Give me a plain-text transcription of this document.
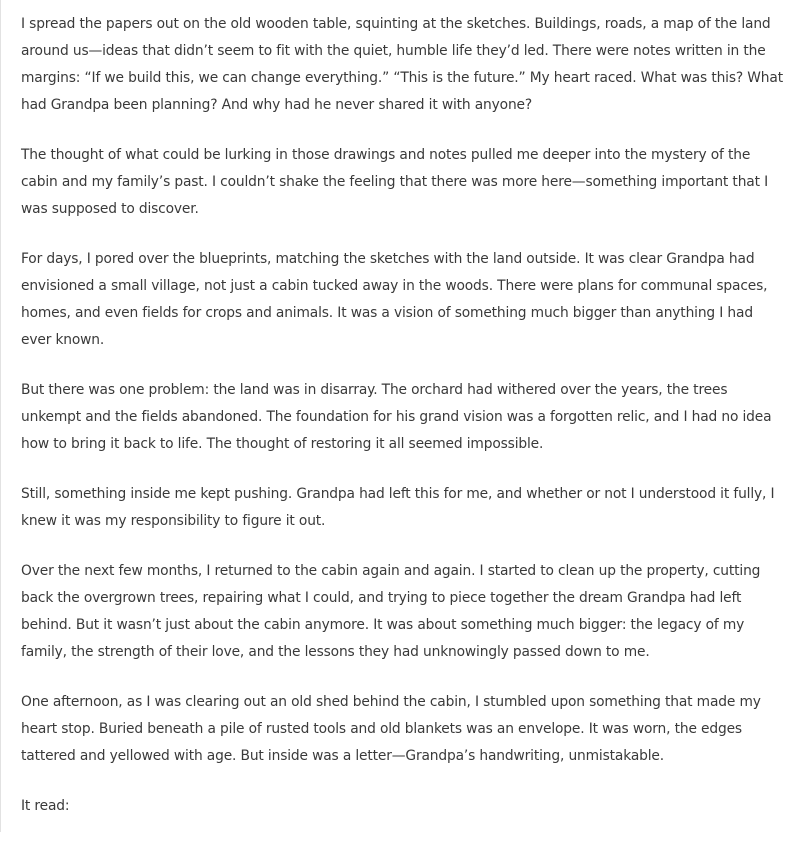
I spread the papers out on the old wooden table, squinting at the sketches. Buildings, roads, a map of the land around us—ideas that didn’t seem to fit with the quiet, humble life they’d led. There were notes written in the margins: “If we build this, we can change everything.” “This is the future.” My heart raced. What was this? What had Grandpa been planning? And why had he never shared it with anyone?

The thought of what could be lurking in those drawings and notes pulled me deeper into the mystery of the cabin and my family’s past. I couldn’t shake the feeling that there was more here—something important that I was supposed to discover.

For days, I pored over the blueprints, matching the sketches with the land outside. It was clear Grandpa had envisioned a small village, not just a cabin tucked away in the woods. There were plans for communal spaces, homes, and even fields for crops and animals. It was a vision of something much bigger than anything I had ever known.

But there was one problem: the land was in disarray. The orchard had withered over the years, the trees unkempt and the fields abandoned. The foundation for his grand vision was a forgotten relic, and I had no idea how to bring it back to life. The thought of restoring it all seemed impossible.

Still, something inside me kept pushing. Grandpa had left this for me, and whether or not I understood it fully, I knew it was my responsibility to figure it out.

Over the next few months, I returned to the cabin again and again. I started to clean up the property, cutting back the overgrown trees, repairing what I could, and trying to piece together the dream Grandpa had left behind. But it wasn’t just about the cabin anymore. It was about something much bigger: the legacy of my family, the strength of their love, and the lessons they had unknowingly passed down to me.

One afternoon, as I was clearing out an old shed behind the cabin, I stumbled upon something that made my heart stop. Buried beneath a pile of rusted tools and old blankets was an envelope. It was worn, the edges tattered and yellowed with age. But inside was a letter—Grandpa’s handwriting, unmistakable.

It read:
